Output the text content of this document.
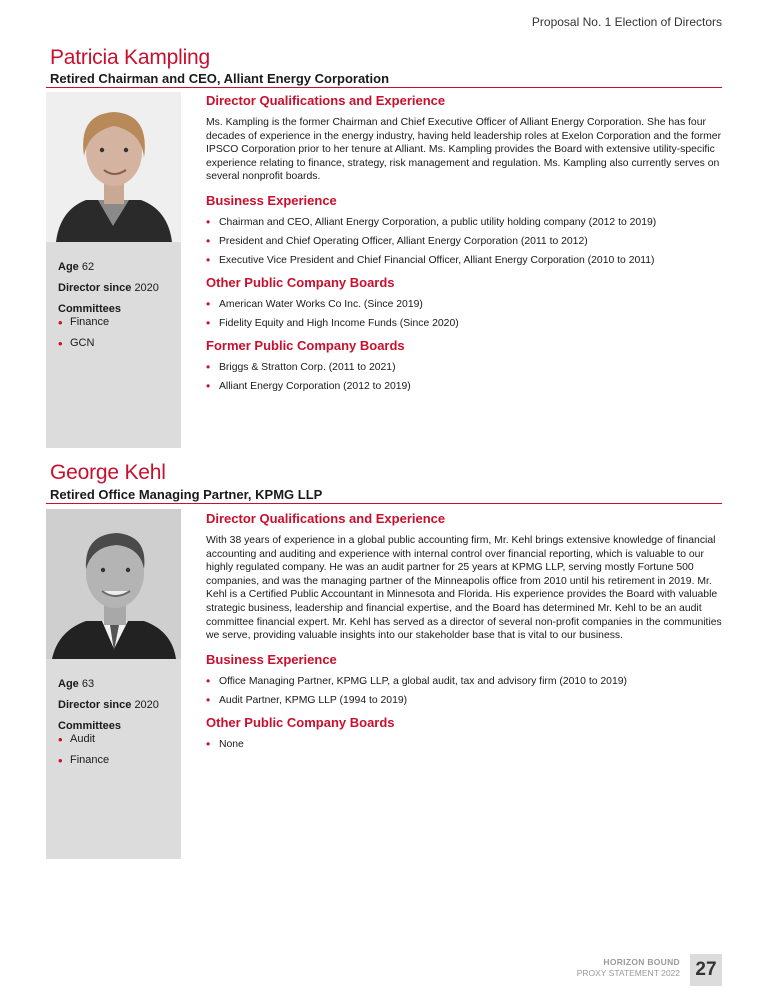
Proposal No. 1 Election of Directors
Patricia Kampling
Retired Chairman and CEO, Alliant Energy Corporation
Age 62
Director since 2020
Committees
• Finance
• GCN
Director Qualifications and Experience

Ms. Kampling is the former Chairman and Chief Executive Officer of Alliant Energy Corporation. She has four decades of experience in the energy industry, having held leadership roles at Exelon Corporation and the former IPSCO Corporation prior to her tenure at Alliant. Ms. Kampling provides the Board with extensive utility-specific experience relating to finance, strategy, risk management and regulation. Ms. Kampling also currently serves on several nonprofit boards.

Business Experience
• Chairman and CEO, Alliant Energy Corporation, a public utility holding company (2012 to 2019)
• President and Chief Operating Officer, Alliant Energy Corporation (2011 to 2012)
• Executive Vice President and Chief Financial Officer, Alliant Energy Corporation (2010 to 2011)
Other Public Company Boards
• American Water Works Co Inc. (Since 2019)
• Fidelity Equity and High Income Funds (Since 2020)
Former Public Company Boards
• Briggs & Stratton Corp. (2011 to 2021)
• Alliant Energy Corporation (2012 to 2019)
George Kehl
Retired Office Managing Partner, KPMG LLP
Age 63
Director since 2020
Committees
• Audit
• Finance
Director Qualifications and Experience

With 38 years of experience in a global public accounting firm, Mr. Kehl brings extensive knowledge of financial accounting and auditing and experience with internal control over financial reporting, which is valuable to our highly regulated company. He was an audit partner for 25 years at KPMG LLP, serving mostly Fortune 500 companies, and was the managing partner of the Minneapolis office from 2010 until his retirement in 2019. Mr. Kehl is a Certified Public Accountant in Minnesota and Florida. His experience provides the Board with valuable strategic business, leadership and financial expertise, and the Board has determined Mr. Kehl to be an audit committee financial expert. Mr. Kehl has served as a director of several non-profit companies in the communities we serve, providing valuable insights into our stakeholder base that is vital to our business.

Business Experience
• Office Managing Partner, KPMG LLP, a global audit, tax and advisory firm (2010 to 2019)
• Audit Partner, KPMG LLP (1994 to 2019)
Other Public Company Boards
• None
HORIZON BOUND
PROXY STATEMENT 2022 27
